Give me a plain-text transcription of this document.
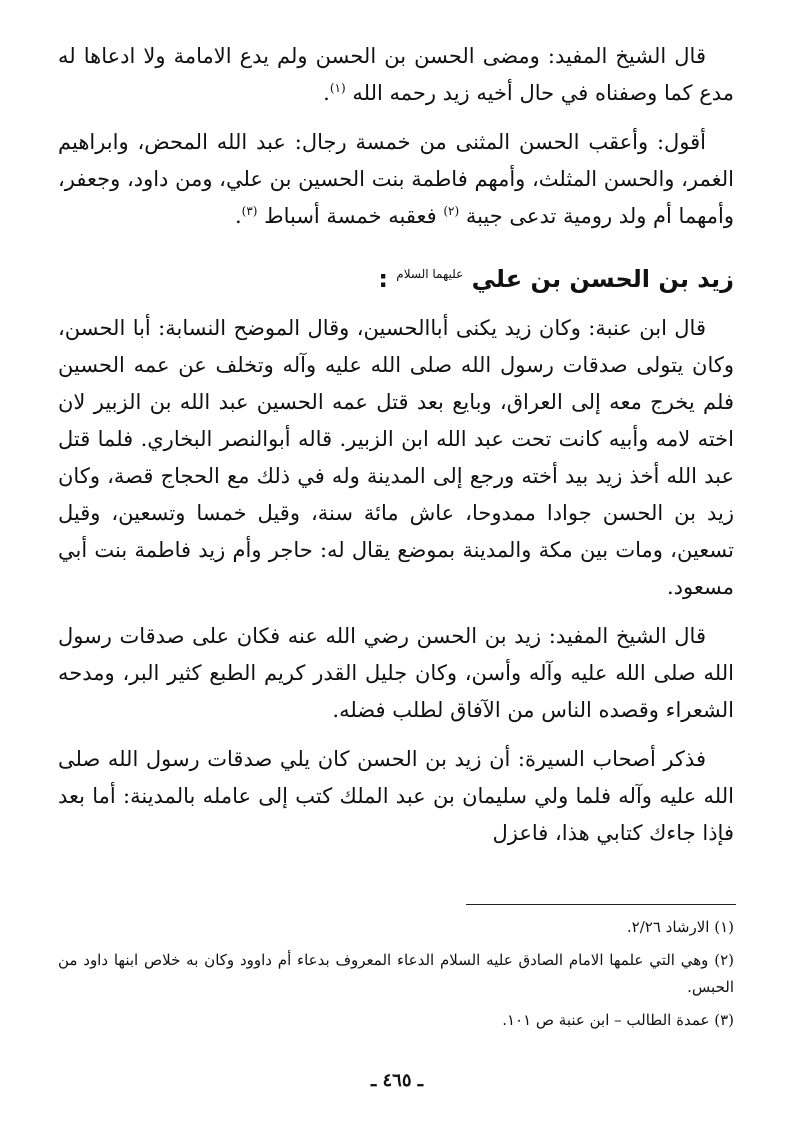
قال الشيخ المفيد: ومضى الحسن بن الحسن ولم يدع الامامة ولا ادعاها له مدع كما وصفناه في حال أخيه زيد رحمه الله $^{(١)}$.

أقول: وأعقب الحسن المثنى من خمسة رجال: عبد الله المحض، وابراهيم الغمر، والحسن المثلث، وأمهم فاطمة بنت الحسين بن علي، ومن داود، وجعفر، وأمهما أم ولد رومية تدعى جيبة $^{(٢)}$ فعقبه خمسة أسباط $^{(٣)}$.

زيد بن الحسن بن علي $^{عليهما السلام}$ :

قال ابن عنبة: وكان زيد يكنى أباالحسين، وقال الموضح النسابة: أبا الحسن، وكان يتولى صدقات رسول الله صلى الله عليه وآله وتخلف عن عمه الحسين فلم يخرج معه إلى العراق، وبايع بعد قتل عمه الحسين عبد الله بن الزبير لان اخته لامه وأبيه كانت تحت عبد الله ابن الزبير. قاله أبوالنصر البخاري. فلما قتل عبد الله أخذ زيد بيد أخته ورجع إلى المدينة وله في ذلك مع الحجاج قصة، وكان زيد بن الحسن جوادا ممدوحا، عاش مائة سنة، وقيل خمسا وتسعين، وقيل تسعين، ومات بين مكة والمدينة بموضع يقال له: حاجر وأم زيد فاطمة بنت أبي مسعود.

قال الشيخ المفيد: زيد بن الحسن رضي الله عنه فكان على صدقات رسول الله صلى الله عليه وآله وأسن، وكان جليل القدر كريم الطبع كثير البر، ومدحه الشعراء وقصده الناس من الآفاق لطلب فضله.

فذكر أصحاب السيرة: أن زيد بن الحسن كان يلي صدقات رسول الله صلى الله عليه وآله فلما ولي سليمان بن عبد الملك كتب إلى عامله بالمدينة: أما بعد فإذا جاءك كتابي هذا، فاعزل

(١) الارشاد ٢/٢٦.

(٢) وهي التي علمها الامام الصادق عليه السلام الدعاء المعروف بدعاء أم داوود وكان به خلاص ابنها داود من الحبس.

(٣) عمدة الطالب – ابن عنبة ص ١٠١.

ـ ٤٦٥ ـ
